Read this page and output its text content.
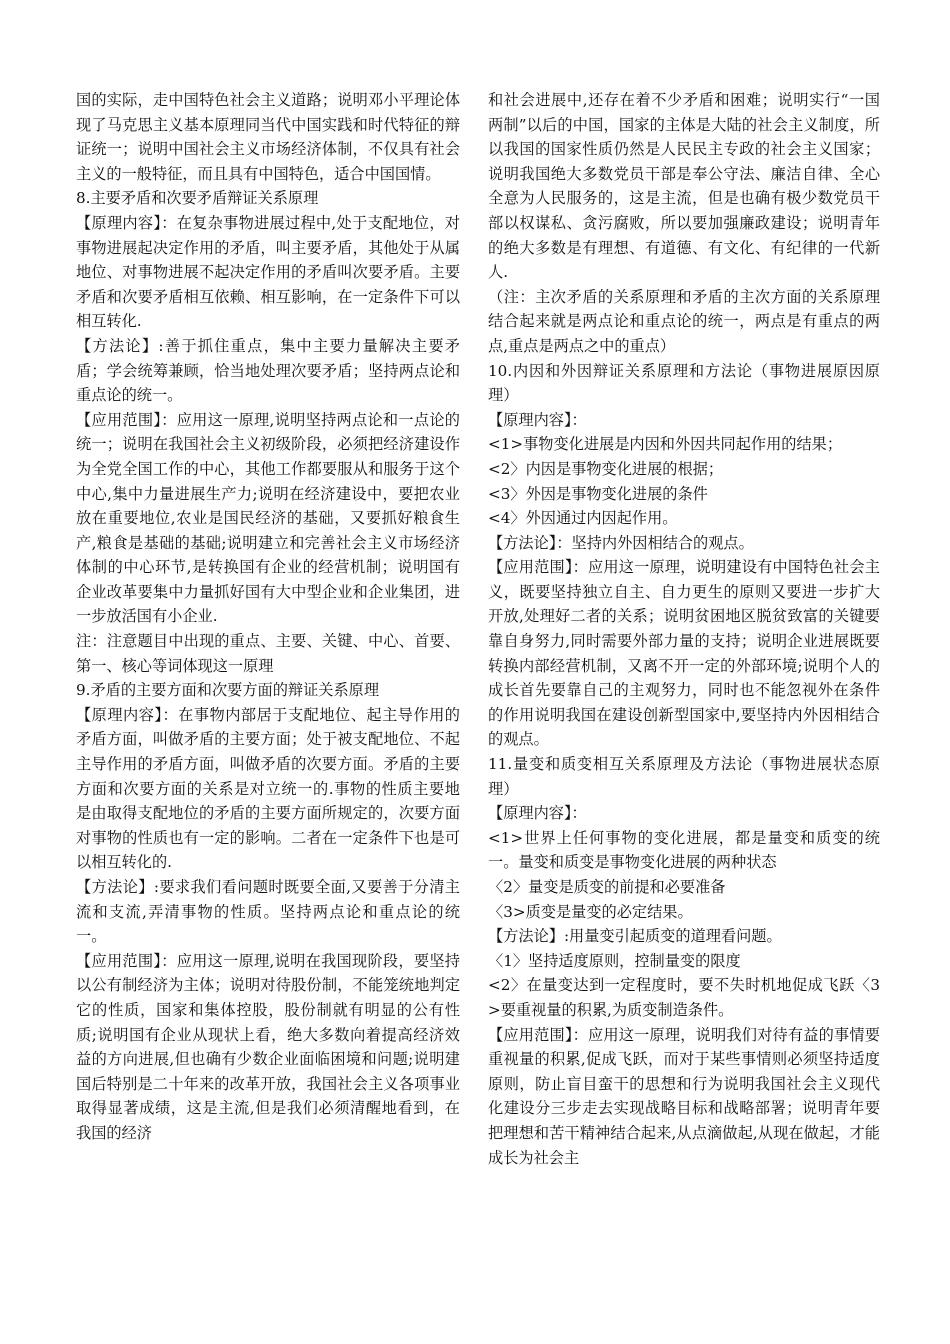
国的实际，走中国特色社会主义道路；说明邓小平理论体现了马克思主义基本原理同当代中国实践和时代特征的辩证统一；说明中国社会主义市场经济体制，不仅具有社会主义的一般特征，而且具有中国特色，适合中国国情。

8.主要矛盾和次要矛盾辩证关系原理

【原理内容】：在复杂事物进展过程中,处于支配地位，对事物进展起决定作用的矛盾，叫主要矛盾，其他处于从属地位、对事物进展不起决定作用的矛盾叫次要矛盾。主要矛盾和次要矛盾相互依赖、相互影响，在一定条件下可以相互转化.

【方法论】:善于抓住重点，集中主要力量解决主要矛盾；学会统筹兼顾，恰当地处理次要矛盾；坚持两点论和重点论的统一。

【应用范围】：应用这一原理,说明坚持两点论和一点论的统一；说明在我国社会主义初级阶段，必须把经济建设作为全党全国工作的中心，其他工作都要服从和服务于这个中心,集中力量进展生产力;说明在经济建设中，要把农业放在重要地位,农业是国民经济的基础，又要抓好粮食生产,粮食是基础的基础;说明建立和完善社会主义市场经济体制的中心环节,是转换国有企业的经营机制；说明国有企业改革要集中力量抓好国有大中型企业和企业集团，进一步放活国有小企业.

注：注意题目中出现的重点、主要、关键、中心、首要、第一、核心等词体现这一原理

9.矛盾的主要方面和次要方面的辩证关系原理

【原理内容】：在事物内部居于支配地位、起主导作用的矛盾方面，叫做矛盾的主要方面；处于被支配地位、不起主导作用的矛盾方面，叫做矛盾的次要方面。矛盾的主要方面和次要方面的关系是对立统一的.事物的性质主要地是由取得支配地位的矛盾的主要方面所规定的，次要方面对事物的性质也有一定的影响。二者在一定条件下也是可以相互转化的.

【方法论】:要求我们看问题时既要全面,又要善于分清主流和支流,弄清事物的性质。坚持两点论和重点论的统一。

【应用范围】：应用这一原理,说明在我国现阶段，要坚持以公有制经济为主体；说明对待股份制，不能笼统地判定它的性质，国家和集体控股，股份制就有明显的公有性质;说明国有企业从现状上看，绝大多数向着提高经济效益的方向进展,但也确有少数企业面临困境和问题;说明建国后特别是二十年来的改革开放，我国社会主义各项事业取得显著成绩，这是主流,但是我们必须清醒地看到，在我国的经济

和社会进展中,还存在着不少矛盾和困难；说明实行“一国两制”以后的中国，国家的主体是大陆的社会主义制度，所以我国的国家性质仍然是人民民主专政的社会主义国家；说明我国绝大多数党员干部是奉公守法、廉洁自律、全心全意为人民服务的，这是主流，但是也确有极少数党员干部以权谋私、贪污腐败，所以要加强廉政建设；说明青年的绝大多数是有理想、有道德、有文化、有纪律的一代新人.

（注：主次矛盾的关系原理和矛盾的主次方面的关系原理结合起来就是两点论和重点论的统一，两点是有重点的两点,重点是两点之中的重点）

10.内因和外因辩证关系原理和方法论（事物进展原因原理）

【原理内容】：

<1>事物变化进展是内因和外因共同起作用的结果；

<2〉内因是事物变化进展的根据；

<3〉外因是事物变化进展的条件

<4〉外因通过内因起作用。

【方法论】：坚持内外因相结合的观点。

【应用范围】：应用这一原理，说明建设有中国特色社会主义，既要坚持独立自主、自力更生的原则又要进一步扩大开放,处理好二者的关系；说明贫困地区脱贫致富的关键要靠自身努力,同时需要外部力量的支持；说明企业进展既要转换内部经营机制，又离不开一定的外部环境;说明个人的成长首先要靠自己的主观努力，同时也不能忽视外在条件的作用说明我国在建设创新型国家中,要坚持内外因相结合的观点。

11.量变和质变相互关系原理及方法论（事物进展状态原理）

【原理内容】：

<1>世界上任何事物的变化进展，都是量变和质变的统一。量变和质变是事物变化进展的两种状态

〈2〉量变是质变的前提和必要准备

〈3>质变是量变的必定结果。

【方法论】:用量变引起质变的道理看问题。

〈1〉坚持适度原则，控制量变的限度

<2〉在量变达到一定程度时，要不失时机地促成飞跃〈3>要重视量的积累,为质变制造条件。

【应用范围】：应用这一原理，说明我们对待有益的事情要重视量的积累,促成飞跃，而对于某些事情则必须坚持适度原则，防止盲目蛮干的思想和行为说明我国社会主义现代化建设分三步走去实现战略目标和战略部署；说明青年要把理想和苦干精神结合起来,从点滴做起,从现在做起，才能成长为社会主
